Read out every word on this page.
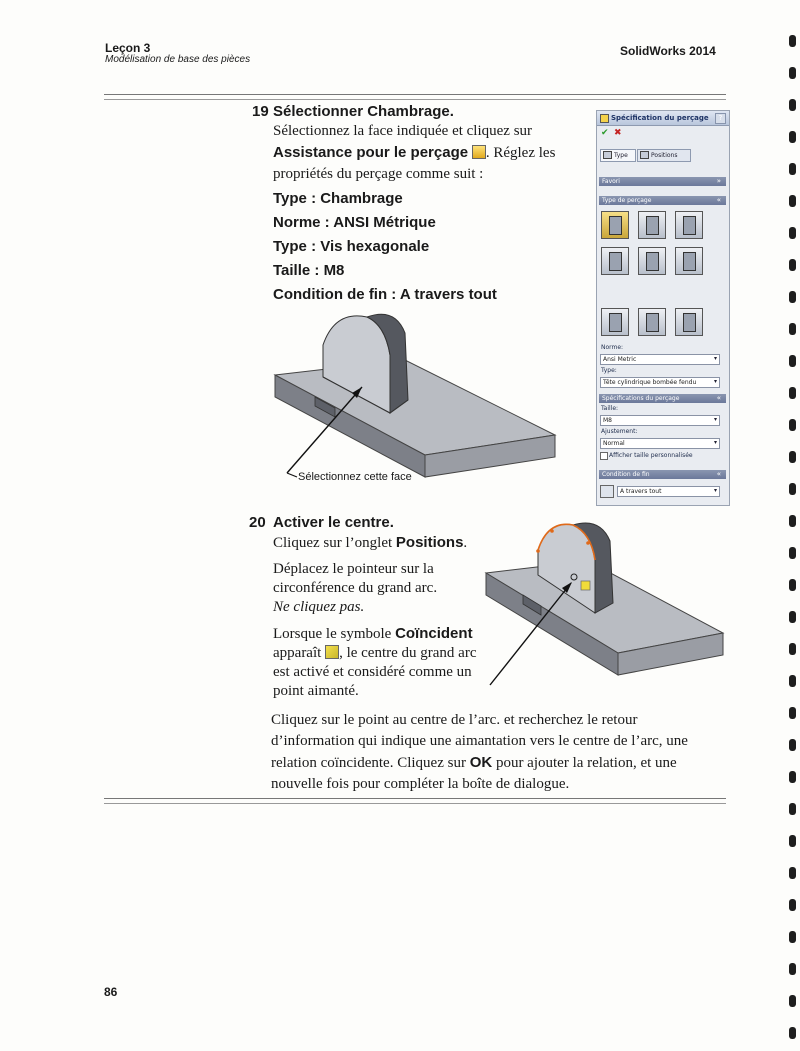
Leçon 3
Modélisation de base des pièces
SolidWorks 2014
19 Sélectionner Chambrage.
Sélectionnez la face indiquée et cliquez sur
Assistance pour le perçage . Réglez les
propriétés du perçage comme suit :
Type : Chambrage
Norme : ANSI Métrique
Type : Vis hexagonale
Taille : M8
Condition de fin : A travers tout
Sélectionnez cette face
Spécification du perçage	?
✔ ✖
Type	Positions
Favori	»
Type de perçage	«
Norme:
Ansi Metric	▾
Type:
Tête cylindrique bombée fendu	▾
Spécifications du perçage	«
Taille:
M8	▾
Ajustement:
Normal	▾
Afficher taille personnalisée
Condition de fin	«
A travers tout	▾
20 Activer le centre.
Cliquez sur l’onglet Positions.
Déplacez le pointeur sur la
circonférence du grand arc.
Ne cliquez pas.
Lorsque le symbole Coïncident
apparaît , le centre du grand arc
est activé et considéré comme un
point aimanté.
Cliquez sur le point au centre de l’arc. et recherchez le retour
d’information qui indique une aimantation vers le centre de l’arc, une
relation coïncidente. Cliquez sur OK pour ajouter la relation, et une
nouvelle fois pour compléter la boîte de dialogue.
86
